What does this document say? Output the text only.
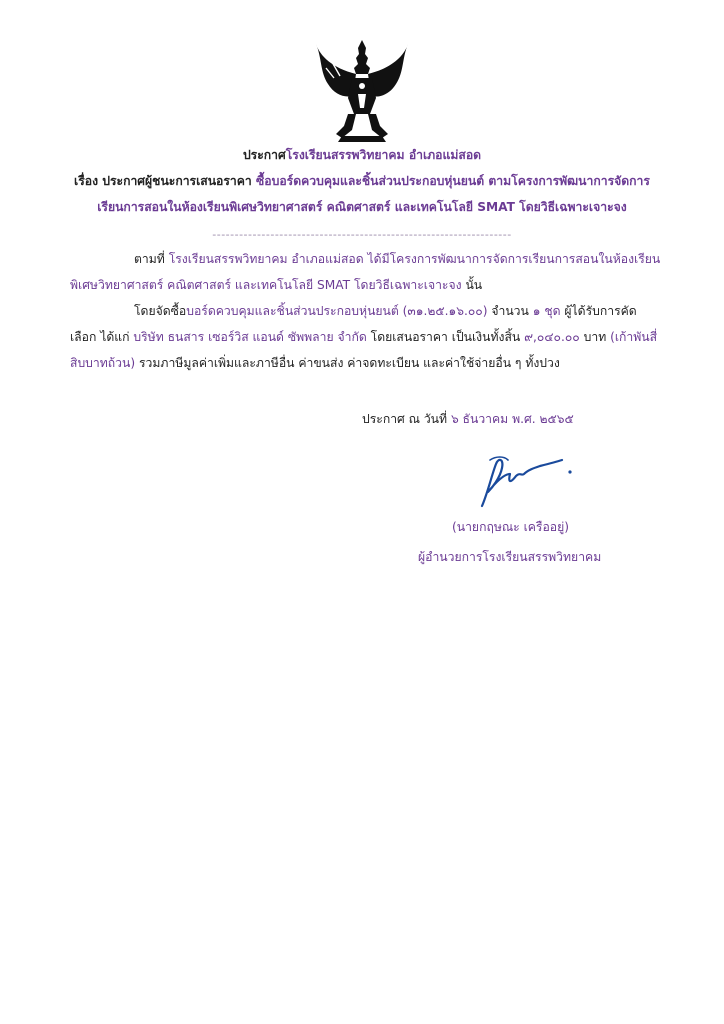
ประกาศโรงเรียนสรรพวิทยาคม อำเภอแม่สอด
เรื่อง ประกาศผู้ชนะการเสนอราคา ซื้อบอร์ดควบคุมและชิ้นส่วนประกอบหุ่นยนต์ ตามโครงการพัฒนาการจัดการ
เรียนการสอนในห้องเรียนพิเศษวิทยาศาสตร์ คณิตศาสตร์ และเทคโนโลยี SMAT โดยวิธีเฉพาะเจาะจง
-------------------------------------------------------------------
ตามที่ โรงเรียนสรรพวิทยาคม อำเภอแม่สอด ได้มีโครงการพัฒนาการจัดการเรียนการสอนในห้องเรียน
พิเศษวิทยาศาสตร์ คณิตศาสตร์ และเทคโนโลยี SMAT โดยวิธีเฉพาะเจาะจง นั้น
โดยจัดซื้อบอร์ดควบคุมและชิ้นส่วนประกอบหุ่นยนต์ (๓๑.๒๕.๑๖.๐๐) จำนวน ๑ ชุด ผู้ได้รับการคัด
เลือก ได้แก่ บริษัท ธนสาร เซอร์วิส แอนด์ ซัพพลาย จำกัด โดยเสนอราคา เป็นเงินทั้งสิ้น ๙,๐๔๐.๐๐ บาท (เก้าพันสี่
สิบบาทถ้วน) รวมภาษีมูลค่าเพิ่มและภาษีอื่น ค่าขนส่ง ค่าจดทะเบียน และค่าใช้จ่ายอื่น ๆ ทั้งปวง
ประกาศ ณ วันที่ ๖ ธันวาคม พ.ศ. ๒๕๖๕
(นายกฤษณะ เครืออยู่)
ผู้อำนวยการโรงเรียนสรรพวิทยาคม
